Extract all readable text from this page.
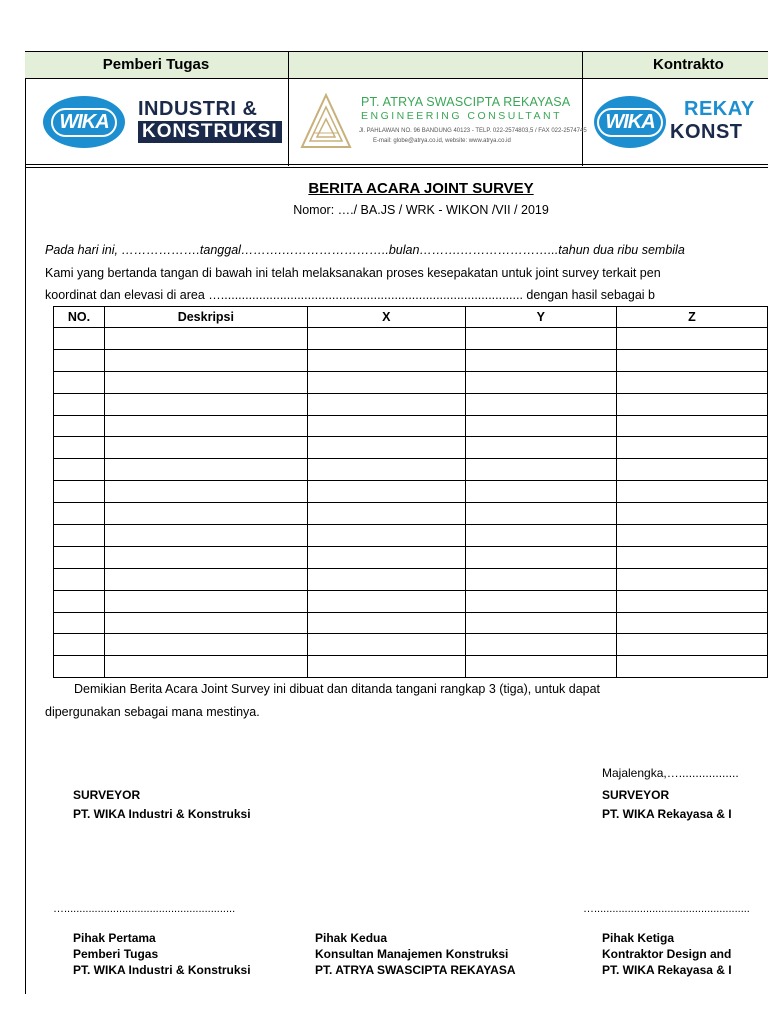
Pemberi Tugas	Kontrakto
WIKA
INDUSTRI &
KONSTRUKSI
PT. ATRYA SWASCIPTA REKAYASA
ENGINEERING CONSULTANT
Jl. PAHLAWAN NO. 96 BANDUNG 40123 - TELP. 022-2574803,5 / FAX 022-2574745
E-mail: globe@atrya.co.id, website: www.atrya.co.id
WIKA
REKAY
KONST
BERITA ACARA JOINT SURVEY
Nomor: …./ BA.JS / WRK - WIKON /VII / 2019
Pada hari ini, ……………….tanggal……….……………………..bulan……….…………………...tahun dua ribu sembila
Kami yang bertanda tangan di bawah ini telah melaksanakan proses kesepakatan untuk joint survey terkait pen
koordinat dan elevasi di area …....................................................................................... dengan hasil sebagai b
NO.	Deskripsi	X	Y	Z

Demikian Berita Acara Joint Survey ini dibuat dan ditanda tangani rangkap 3 (tiga), untuk dapat
dipergunakan sebagai mana mestinya.
Majalengka,…..................
SURVEYOR
PT. WIKA Industri & Konstruksi
SURVEYOR
PT. WIKA Rekayasa & I
…........................................................	…...................................................
Pihak Pertama
Pemberi Tugas
PT. WIKA Industri & Konstruksi
Pihak Kedua
Konsultan Manajemen Konstruksi
PT. ATRYA SWASCIPTA REKAYASA
Pihak Ketiga
Kontraktor Design and
PT. WIKA Rekayasa & I
